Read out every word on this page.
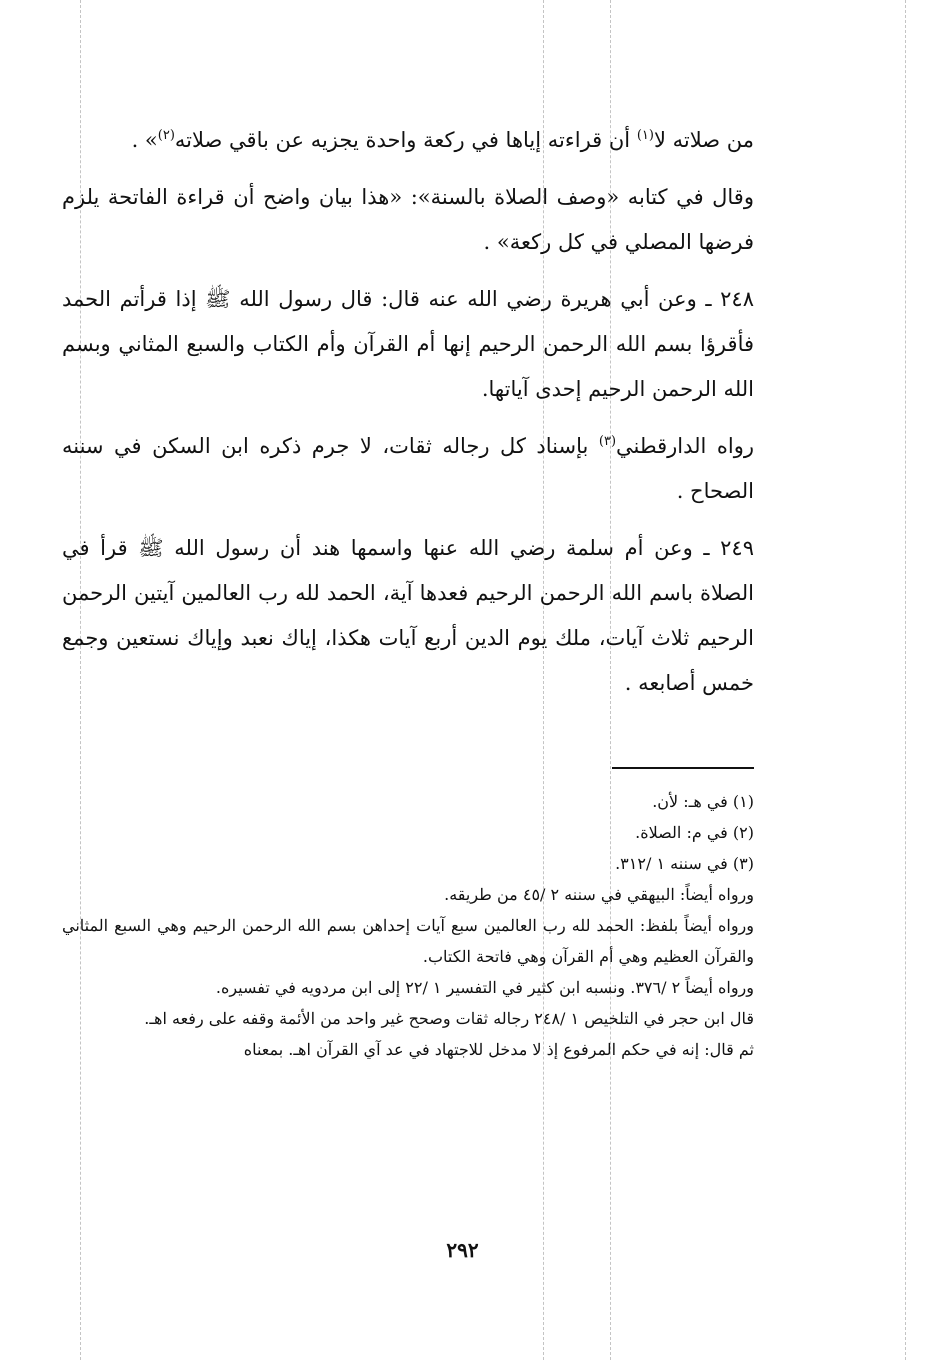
من صلاته لا$^{(١)}$ أن قراءته إياها في ركعة واحدة يجزيه عن باقي صلاته$^{(٢)}$» .

وقال في كتابه «وصف الصلاة بالسنة»: «هذا بيان واضح أن قراءة الفاتحة يلزم فرضها المصلي في كل ركعة» .

٢٤٨ ـ وعن أبي هريرة رضي الله عنه قال: قال رسول الله ﷺ إذا قرأتم الحمد فأقرؤا بسم الله الرحمن الرحيم إنها أم القرآن وأم الكتاب والسبع المثاني وبسم الله الرحمن الرحيم إحدى آياتها.

رواه الدارقطني$^{(٣)}$ بإسناد كل رجاله ثقات، لا جرم ذكره ابن السكن في سننه الصحاح .

٢٤٩ ـ وعن أم سلمة رضي الله عنها واسمها هند أن رسول الله ﷺ قرأ في الصلاة باسم الله الرحمن الرحيم فعدها آية، الحمد لله رب العالمين آيتين الرحمن الرحيم ثلاث آيات، ملك يوم الدين أربع آيات هكذا، إياك نعبد وإياك نستعين وجمع خمس أصابعه .

(١) في هـ: لأن.
(٢) في م: الصلاة.
(٣) في سننه ١ /٣١٢.
ورواه أيضاً: البيهقي في سننه ٢ /٤٥ من طريقه.
ورواه أيضاً بلفظ: الحمد لله رب العالمين سبع آيات إحداهن بسم الله الرحمن الرحيم وهي السبع المثاني والقرآن العظيم وهي أم القرآن وهي فاتحة الكتاب.
ورواه أيضاً ٢ /٣٧٦. ونسبه ابن كثير في التفسير ١ /٢٢ إلى ابن مردويه في تفسيره.
قال ابن حجر في التلخيص ١ /٢٤٨ رجاله ثقات وصحح غير واحد من الأئمة وقفه على رفعه اهـ.
ثم قال: إنه في حكم المرفوع إذ لا مدخل للاجتهاد في عد آي القرآن اهـ. بمعناه
٢٩٢
